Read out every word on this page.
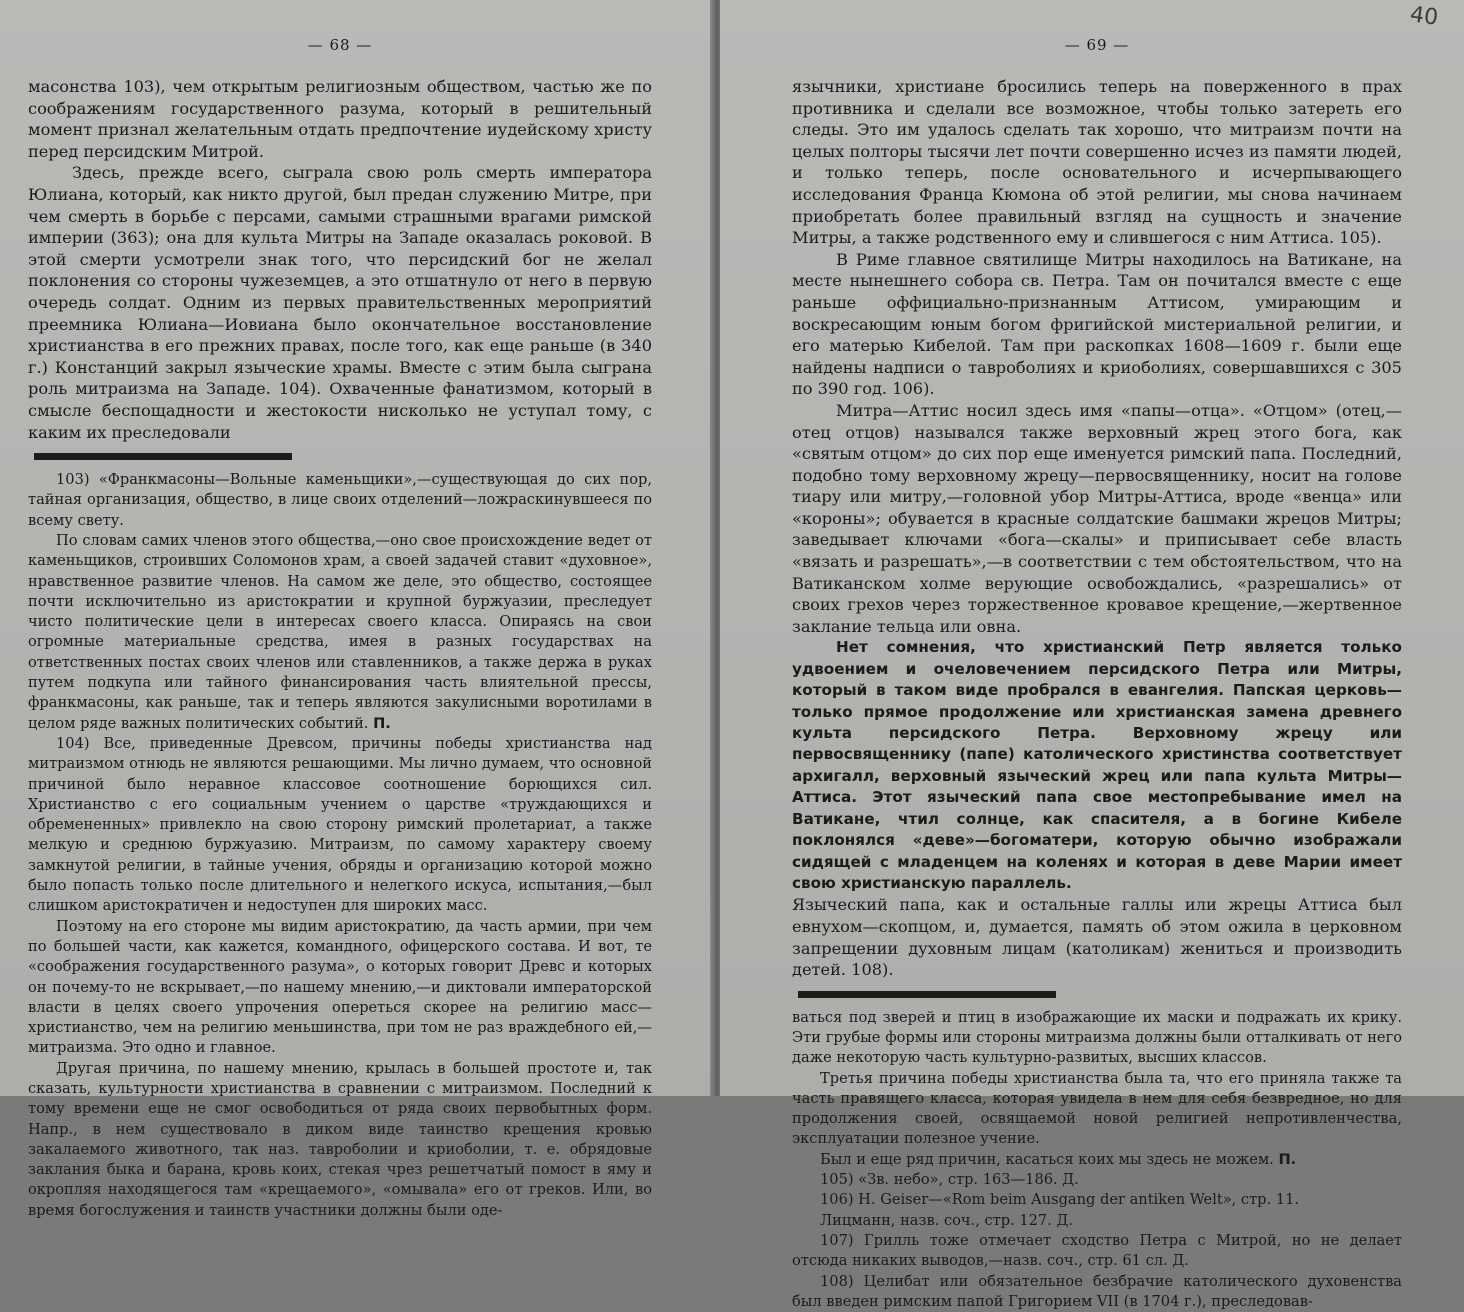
— 68 —

масонства 103), чем открытым религиозным обществом, частью же по соображениям государственного разума, который в решительный момент признал желательным отдать предпочтение иудейскому христу перед персидским Митрой.

Здесь, прежде всего, сыграла свою роль смерть императора Юлиана, который, как никто другой, был предан служению Митре, при чем смерть в борьбе с персами, самыми страшными врагами римской империи (363); она для культа Митры на Западе оказалась роковой. В этой смерти усмотрели знак того, что персидский бог не желал поклонения со стороны чужеземцев, а это отшатнуло от него в первую очередь солдат. Одним из первых правительственных мероприятий преемника Юлиана—Иовиана было окончательное восстановление христианства в его прежних правах, после того, как еще раньше (в 340 г.) Констанций закрыл языческие храмы. Вместе с этим была сыграна роль митраизма на Западе. 104). Охваченные фанатизмом, который в смысле беспощадности и жестокости нисколько не уступал тому, с каким их преследовали

103) «Франкмасоны—Вольные каменьщики»,—существующая до сих пор, тайная организация, общество, в лице своих отделений—ложраскинувшееся по всему свету.

По словам самих членов этого общества,—оно свое происхождение ведет от каменьщиков, строивших Соломонов храм, а своей задачей ставит «духовное», нравственное развитие членов. На самом же деле, это общество, состоящее почти исключительно из аристократии и крупной буржуазии, преследует чисто политические цели в интересах своего класса. Опираясь на свои огромные материальные средства, имея в разных государствах на ответственных постах своих членов или ставленников, а также держа в руках путем подкупа или тайного финансирования часть влиятельной прессы, франкмасоны, как раньше, так и теперь являются закулисными воротилами в целом ряде важных политических событий. П.

104) Все, приведенные Древсом, причины победы христианства над митраизмом отнюдь не являются решающими. Мы лично думаем, что основной причиной было неравное классовое соотношение борющихся сил. Христианство с его социальным учением о царстве «труждающихся и обремененных» привлекло на свою сторону римский пролетариат, а также мелкую и среднюю буржуазию. Митраизм, по самому характеру своему замкнутой религии, в тайные учения, обряды и организацию которой можно было попасть только после длительного и нелегкого искуса, испытания,—был слишком аристократичен и недоступен для широких масс.

Поэтому на его стороне мы видим аристократию, да часть армии, при чем по большей части, как кажется, командного, офицерского состава. И вот, те «соображения государственного разума», о которых говорит Древс и которых он почему-то не вскрывает,—по нашему мнению,—и диктовали императорской власти в целях своего упрочения опереться скорее на религию масс—христианство, чем на религию меньшинства, при том не раз враждебного ей,—митраизма. Это одно и главное.

Другая причина, по нашему мнению, крылась в большей простоте и, так сказать, культурности христианства в сравнении с митраизмом. Последний к тому времени еще не смог освободиться от ряда своих первобытных форм. Напр., в нем существовало в диком виде таинство крещения кровью закалаемого животного, так наз. тавроболии и криоболии, т. е. обрядовые заклания быка и барана, кровь коих, стекая чрез решетчатый помост в яму и окропляя находящегося там «крещаемого», «омывала» его от греков. Или, во время богослужения и таинств участники должны были оде-

40
— 69 —

язычники, христиане бросились теперь на поверженного в прах противника и сделали все возможное, чтобы только затереть его следы. Это им удалось сделать так хорошо, что митраизм почти на целых полторы тысячи лет почти совершенно исчез из памяти людей, и только теперь, после основательного и исчерпывающего исследования Франца Кюмона об этой религии, мы снова начинаем приобретать более правильный взгляд на сущность и значение Митры, а также родственного ему и слившегося с ним Аттиса. 105).

В Риме главное святилище Митры находилось на Ватикане, на месте нынешнего собора св. Петра. Там он почитался вместе с еще раньше оффициально-признанным Аттисом, умирающим и воскресающим юным богом фригийской мистериальной религии, и его матерью Кибелой. Там при раскопках 1608—1609 г. были еще найдены надписи о тавроболиях и криоболиях, совершавшихся с 305 по 390 год. 106).

Митра—Аттис носил здесь имя «папы—отца». «Отцом» (отец,—отец отцов) назывался также верховный жрец этого бога, как «святым отцом» до сих пор еще именуется римский папа. Последний, подобно тому верховному жрецу—первосвященнику, носит на голове тиару или митру,—головной убор Митры-Аттиса, вроде «венца» или «короны»; обувается в красные солдатские башмаки жрецов Митры; заведывает ключами «бога—скалы» и приписывает себе власть «вязать и разрешать»,—в соответствии с тем обстоятельством, что на Ватиканском холме верующие освобождались, «разрешались» от своих грехов через торжественное кровавое крещение,—жертвенное заклание тельца или овна.

Нет сомнения, что христианский Петр является только удвоением и очеловечением персидского Петра или Митры, который в таком виде пробрался в евангелия. Папская церковь—только прямое продолжение или христианская замена древнего культа персидского Петра. Верховному жрецу или первосвященнику (папе) католического христинства соответствует архигалл, верховный языческий жрец или папа культа Митры—Аттиса. Этот языческий папа свое местопребывание имел на Ватикане, чтил солнце, как спасителя, а в богине Кибеле поклонялся «деве»—богоматери, которую обычно изображали сидящей с младенцем на коленях и которая в деве Марии имеет свою христианскую параллель.

Языческий папа, как и остальные галлы или жрецы Аттиса был евнухом—скопцом, и, думается, память об этом ожила в церковном запрещении духовным лицам (католикам) жениться и производить детей. 108).

ваться под зверей и птиц в изображающие их маски и подражать их крику. Эти грубые формы или стороны митраизма должны были отталкивать от него даже некоторую часть культурно-развитых, высших классов.

Третья причина победы христианства была та, что его приняла также та часть правящего класса, которая увидела в нем для себя безвредное, но для продолжения своей, освящаемой новой религией непротивленчества, эксплуатации полезное учение.

Был и еще ряд причин, касаться коих мы здесь не можем. П.

105) «Зв. небо», стр. 163—186. Д.

106) H. Geiser—«Rom beim Ausgang der antiken Welt», стр. 11.

Лицманн, назв. соч., стр. 127. Д.

107) Грилль тоже отмечает сходство Петра с Митрой, но не делает отсюда никаких выводов,—назв. соч., стр. 61 сл. Д.

108) Целибат или обязательное безбрачие католического духовенства был введен римским папой Григорием VII (в 1704 г.), преследовав-
